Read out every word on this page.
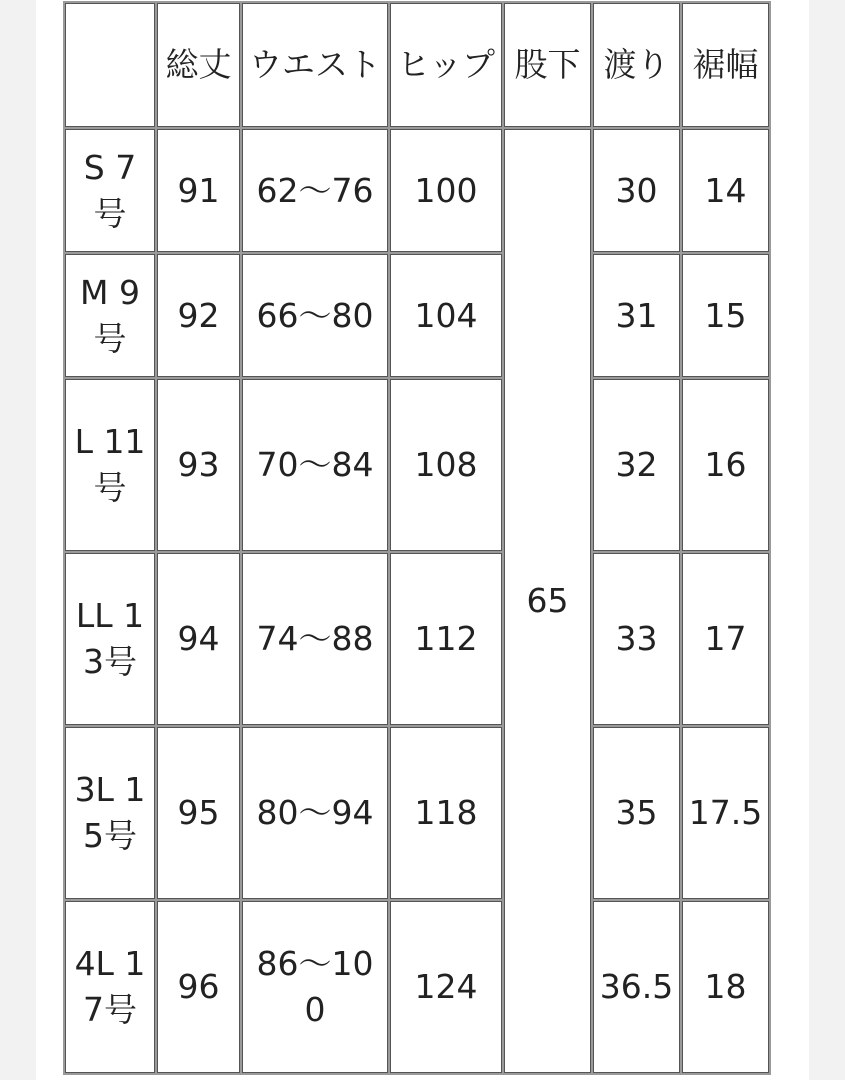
	総丈	ウエスト	ヒップ	股下	渡り	裾幅
S 7号	91	62〜76	100	65	30	14
M 9号	92	66〜80	104		31	15
L 11号	93	70〜84	108		32	16
LL 13号	94	74〜88	112		33	17
3L 15号	95	80〜94	118		35	17.5
4L 17号	96	86〜100	124		36.5	18
